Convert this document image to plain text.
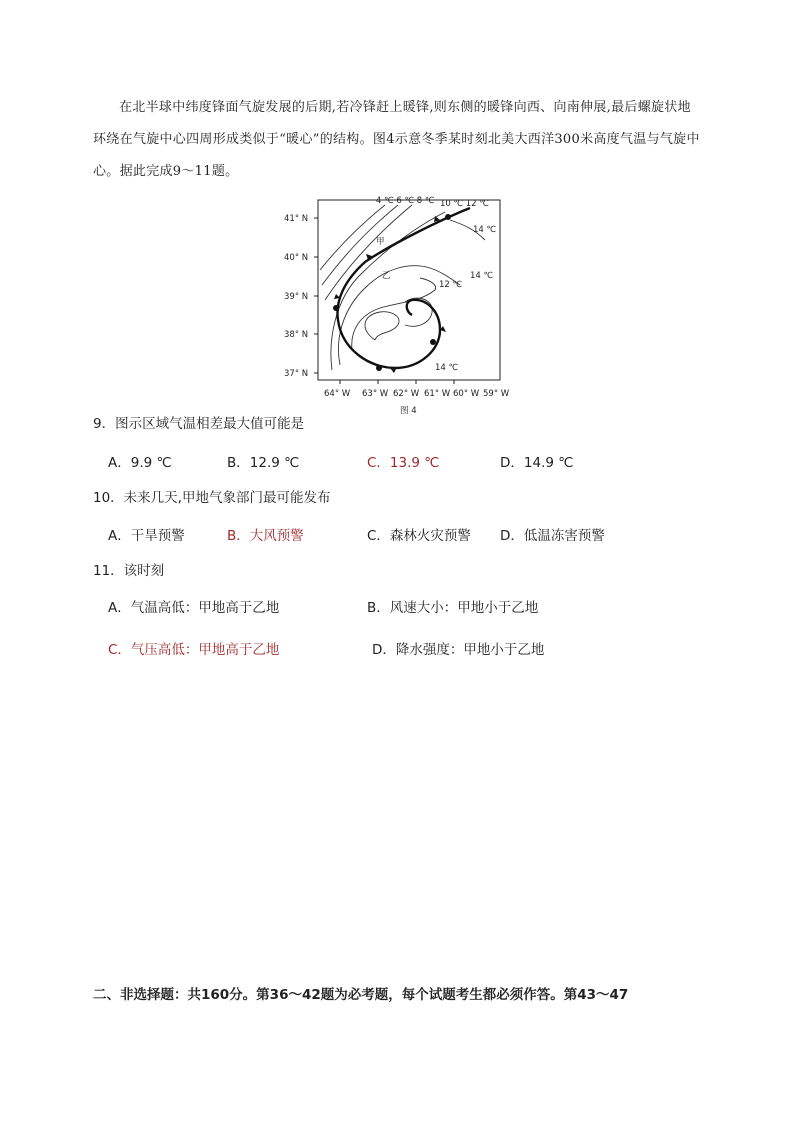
在北半球中纬度锋面气旋发展的后期,若冷锋赶上暖锋,则东侧的暖锋向西、向南伸展,最后螺旋状地环绕在气旋中心四周形成类似于“暖心”的结构。图4示意冬季某时刻北美大西洋300米高度气温与气旋中心。据此完成9～11题。

41° N
40° N
39° N
38° N
37° N
64° W 63° W 62° W 61° W 60° W 59° W
4 ℃ 6 ℃ 8 ℃ 10 ℃ 12 ℃
14 ℃
14 ℃
12 ℃
14 ℃
甲
乙
图 4
9．图示区域气温相差最大值可能是
A．9.9 ℃	B．12.9 ℃	C．13.9 ℃	D．14.9 ℃
10．未来几天,甲地气象部门最可能发布
A．干旱预警	B．大风预警	C．森林火灾预警 D．低温冻害预警
11．该时刻
A．气温高低：甲地高于乙地	B．风速大小：甲地小于乙地
C．气压高低：甲地高于乙地	D．降水强度：甲地小于乙地
二、非选择题：共160分。第36～42题为必考题，每个试题考生都必须作答。第43～47
